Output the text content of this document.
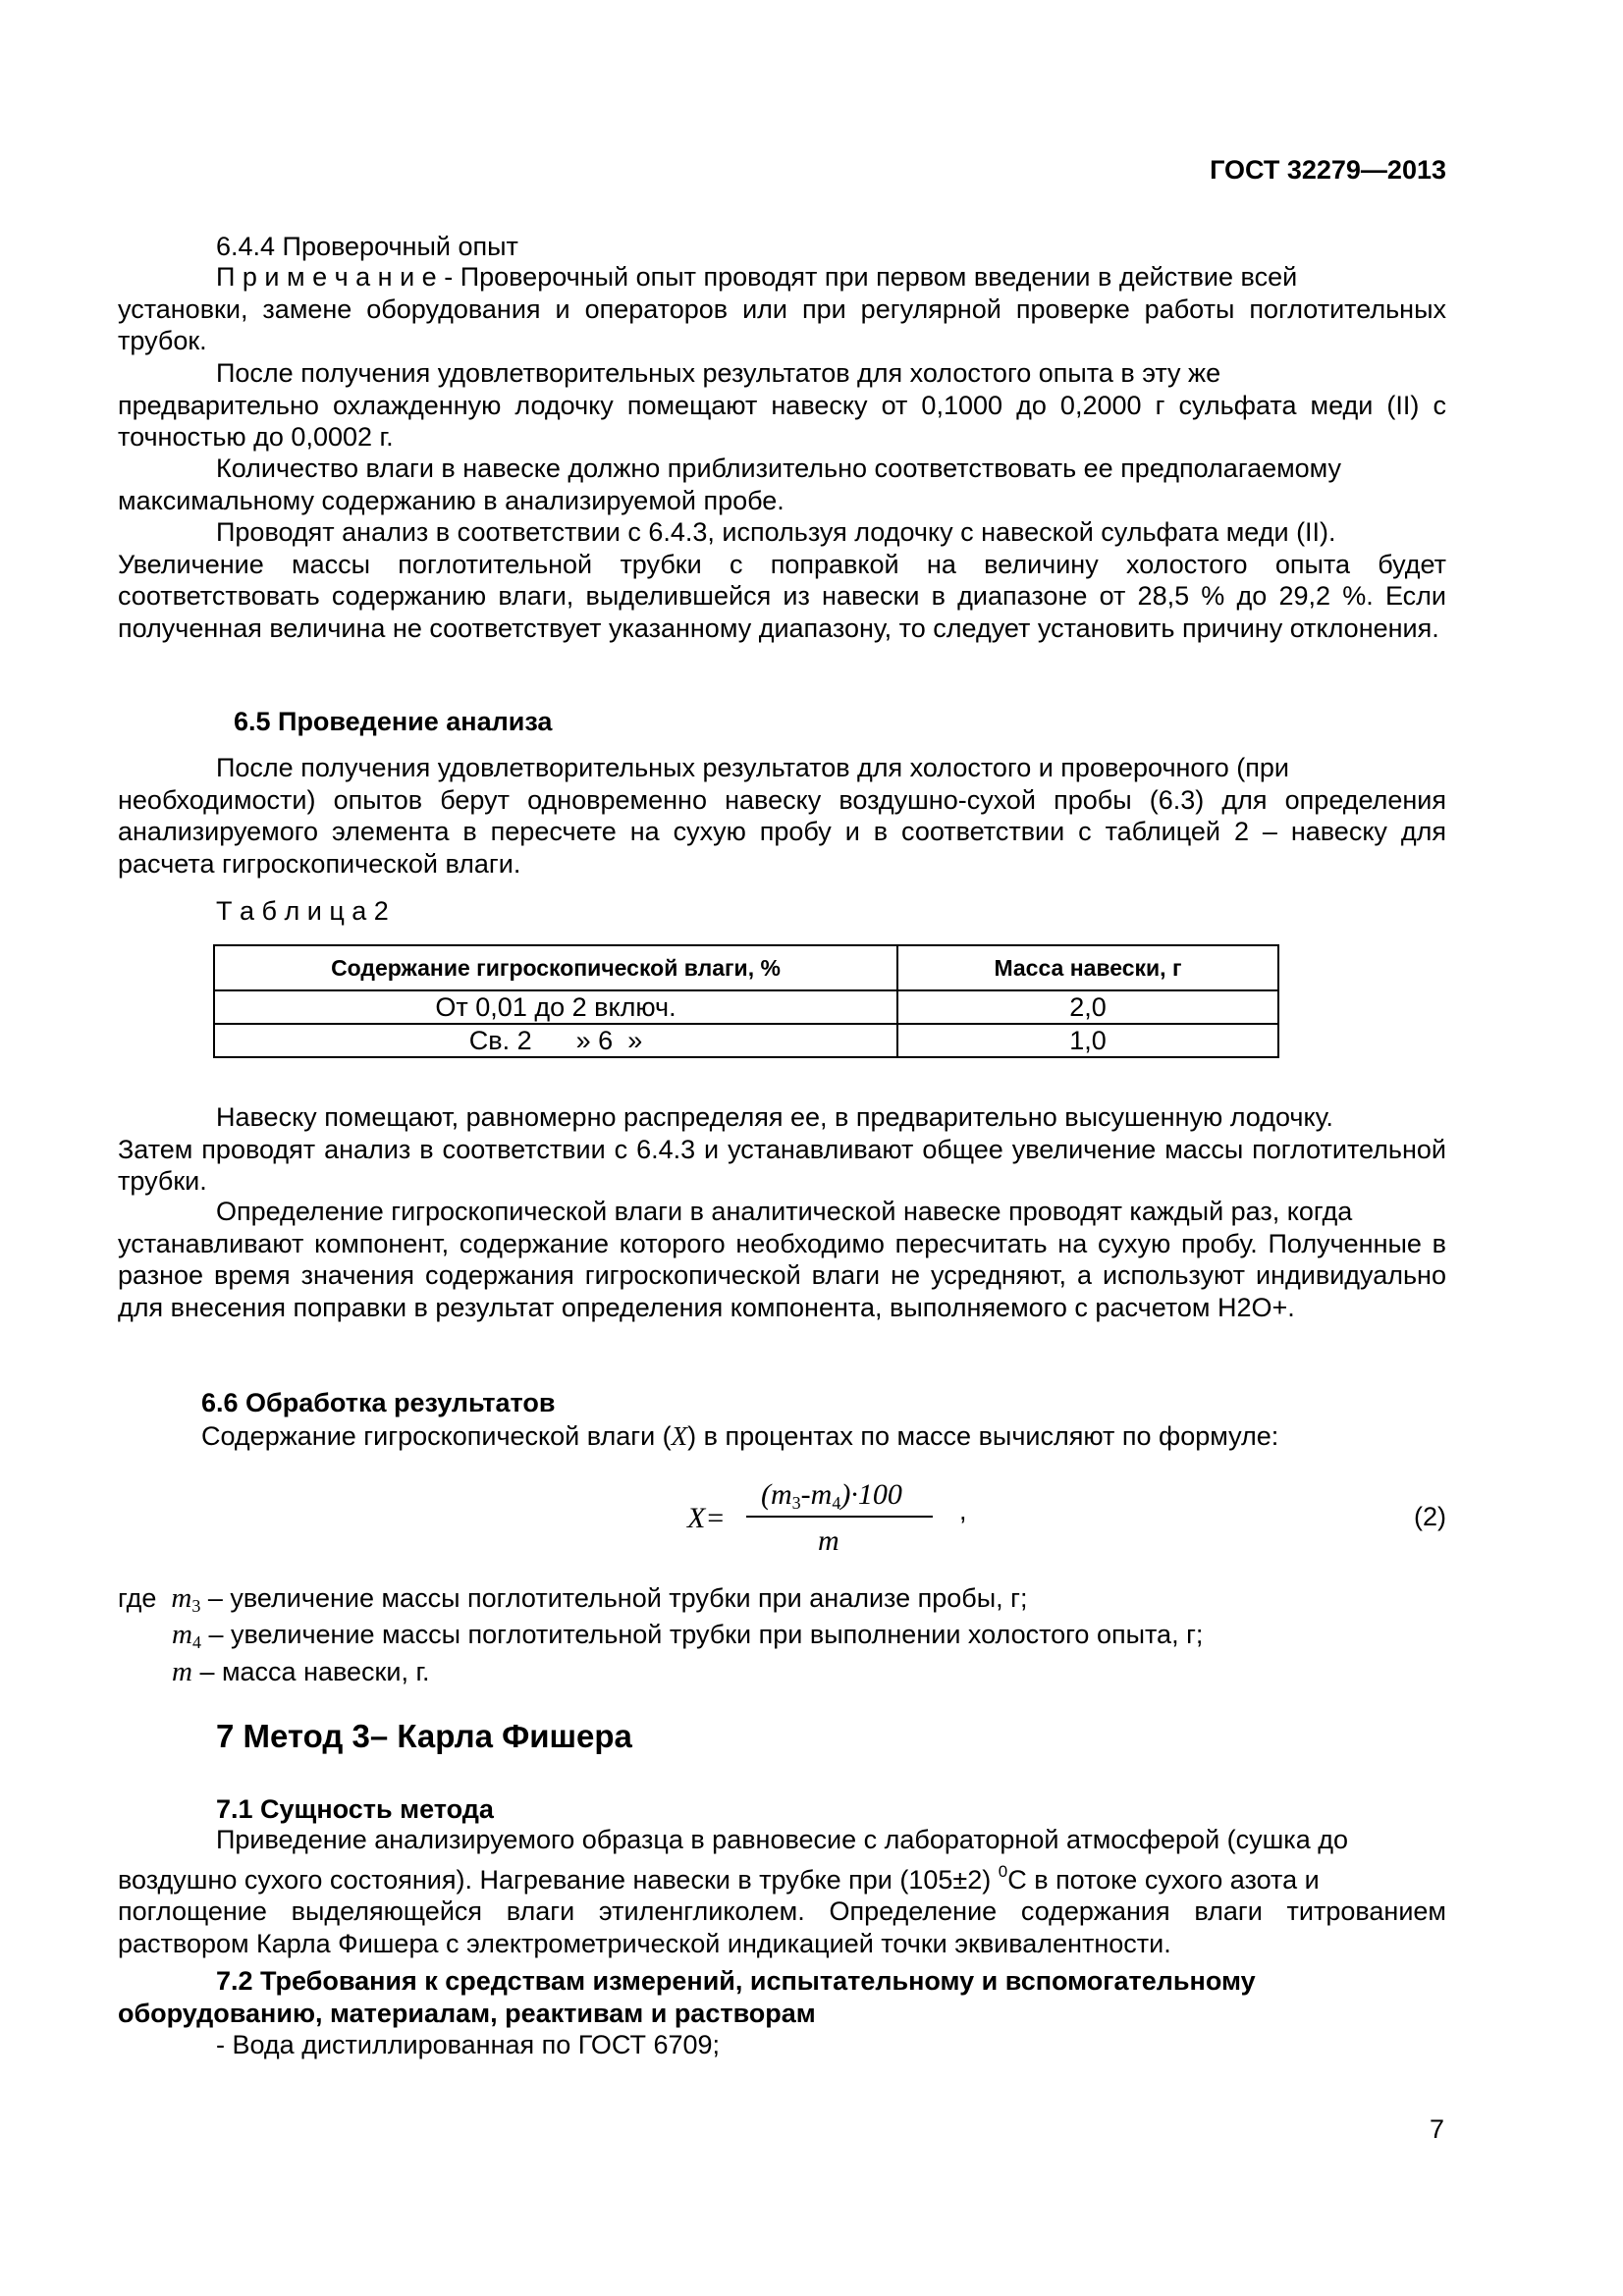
ГОСТ 32279—2013
6.4.4 Проверочный опыт
П р и м е ч а н и е - Проверочный опыт проводят при первом введении в действие всей
установки, замене оборудования и операторов или при регулярной проверке работы поглотительных трубок.
После получения удовлетворительных результатов для холостого опыта в эту же
предварительно охлажденную лодочку помещают навеску от 0,1000 до 0,2000 г сульфата меди (II) с точностью до 0,0002 г.
Количество влаги в навеске должно приблизительно соответствовать ее предполагаемому
максимальному содержанию в анализируемой пробе.
Проводят анализ в соответствии с 6.4.3, используя лодочку с навеской сульфата меди (II).
Увеличение массы поглотительной трубки с поправкой на величину холостого опыта будет соответствовать содержанию влаги, выделившейся из навески в диапазоне от 28,5 % до 29,2 %. Если полученная величина не соответствует указанному диапазону, то следует установить причину отклонения.
6.5 Проведение анализа
После получения удовлетворительных результатов для холостого и проверочного (при
необходимости) опытов берут одновременно навеску воздушно-сухой пробы (6.3) для определения анализируемого элемента в пересчете на сухую пробу и в соответствии с таблицей 2 – навеску для расчета гигроскопической влаги.
Т а б л и ц а 2
Содержание гигроскопической влаги, %	Масса навески, г
От 0,01 до 2 включ.	2,0
Св. 2      » 6  »	1,0
Навеску помещают, равномерно распределяя ее, в предварительно высушенную лодочку.
Затем проводят анализ в соответствии с 6.4.3 и устанавливают общее увеличение массы поглотительной трубки.
Определение гигроскопической влаги в аналитической навеске проводят каждый раз, когда
устанавливают компонент, содержание которого необходимо пересчитать на сухую пробу. Полученные в разное время значения содержания гигроскопической влаги не усредняют, а используют индивидуально для внесения поправки в результат определения компонента, выполняемого с расчетом Н2О+.
6.6 Обработка результатов
Содержание гигроскопической влаги (X) в процентах по массе вычисляют по формуле:
X=
$(m_3-m_4)\cdot 100$
m
,	(2)
где $m_3$ – увеличение массы поглотительной трубки при анализе пробы, г;
$m_4$ – увеличение массы поглотительной трубки при выполнении холостого опыта, г;
m – масса навески, г.
7 Метод 3– Карла Фишера
7.1 Сущность метода
Приведение анализируемого образца в равновесие с лабораторной атмосферой (сушка до
воздушно сухого состояния). Нагревание навески в трубке при (105±2) $^0$С в потоке сухого азота и
поглощение выделяющейся влаги этиленгликолем. Определение содержания влаги титрованием раствором Карла Фишера с электрометрической индикацией точки эквивалентности.
7.2 Требования к средствам измерений, испытательному и вспомогательному
оборудованию, материалам, реактивам и растворам
- Вода дистиллированная по ГОСТ 6709;
7
